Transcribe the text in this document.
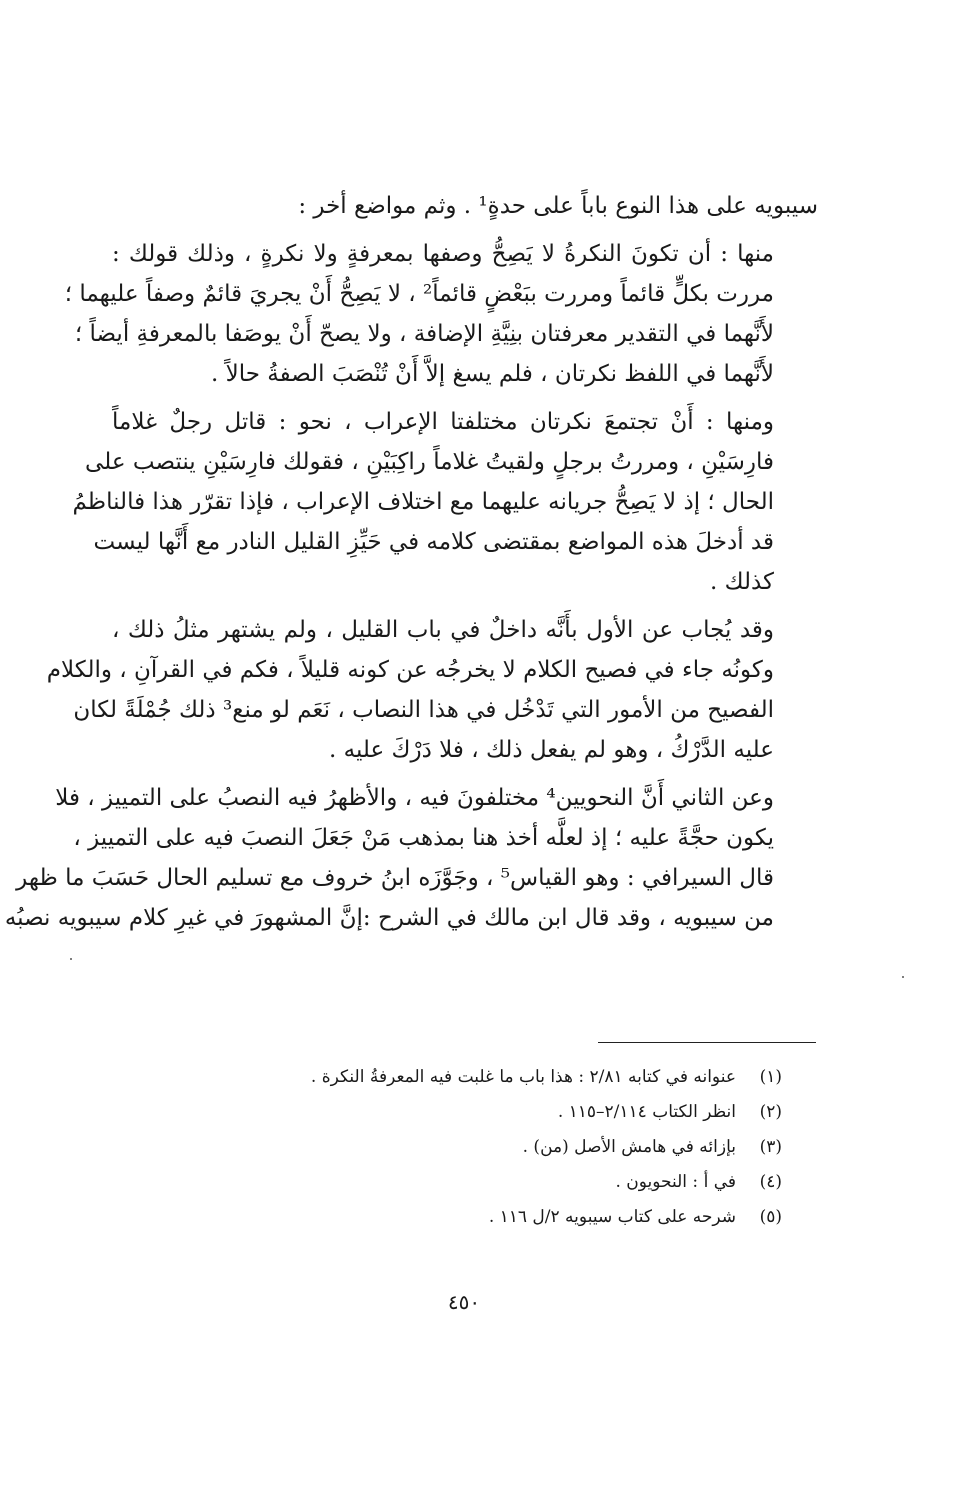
سيبويه على هذا النوع باباً على حدةٍ¹ . وثم مواضع أخر :

منها : أن تكونَ النكرةُ لا يَصِحُّ وصفها بمعرفةٍ ولا نكرةٍ ، وذلك قولك :
مررت بكلٍّ قائماً ومررت ببَعْضٍ قائماً² ، لا يَصِحُّ أَنْ يجريَ قائمٌ وصفاً عليهما ؛
لأَنَّهما في التقدير معرفتان بنِيَّةِ الإضافة ، ولا يصحّ أَنْ يوصَفا بالمعرفةِ أيضاً ؛
لأَنَّهما في اللفظ نكرتان ، فلم يسغ إلاَّ أَنْ تُنْصَبَ الصفةُ حالاً .

ومنها : أَنْ تجتمعَ نكرتان مختلفتا الإعراب ، نحو : قاتل رجلٌ غلاماً
فارِسَيْنِ ، ومررتُ برجلٍ ولقيتُ غلاماً راكِبَيْنِ ، فقولك فارِسَيْنِ ينتصب على
الحال ؛ إذ لا يَصِحُّ جريانه عليهما مع اختلاف الإعراب ، فإذا تقرّر هذا فالناظمُ
قد أدخلَ هذه المواضع بمقتضى كلامه في حَيِّزِ القليل النادر مع أَنَّها ليست
كذلك .

وقد يُجاب عن الأول بأَنَّه داخلٌ في باب القليل ، ولم يشتهر مثلُ ذلك ،
وكونُه جاء في فصيح الكلام لا يخرجُه عن كونه قليلاً ، فكم في القرآنِ ، والكلام
الفصيح من الأمور التي تَدْخُل في هذا النصاب ، نَعَم لو منع³ ذلك جُمْلَةً لكان
عليه الدَّرْكُ ، وهو لم يفعل ذلك ، فلا دَرْكَ عليه .

وعن الثاني أَنَّ النحويين⁴ مختلفونَ فيه ، والأظهرُ فيه النصبُ على التمييز ، فلا
يكون حجَّةً عليه ؛ إذ لعلَّه أخذ هنا بمذهب مَنْ جَعَلَ النصبَ فيه على التمييز ،
قال السيرافي : وهو القياس⁵ ، وجَوَّزَه ابنُ خروف مع تسليم الحال حَسَبَ ما ظهر
من سيبويه ، وقد قال ابن مالك في الشرح :إنَّ المشهورَ في غيرِ كلام سيبويه نصبُه

(١)
عنوانه في كتابه ٢/٨١ : هذا باب ما غلبت فيه المعرفةُ النكرة .
(٢)
انظر الكتاب ٢/١١٤–١١٥ .
(٣)
بإزائه في هامش الأصل (من) .
(٤)
في أ : النحويون .
(٥)
شرحه على كتاب سيبويه ٢/ل ١١٦ .
٤٥٠
